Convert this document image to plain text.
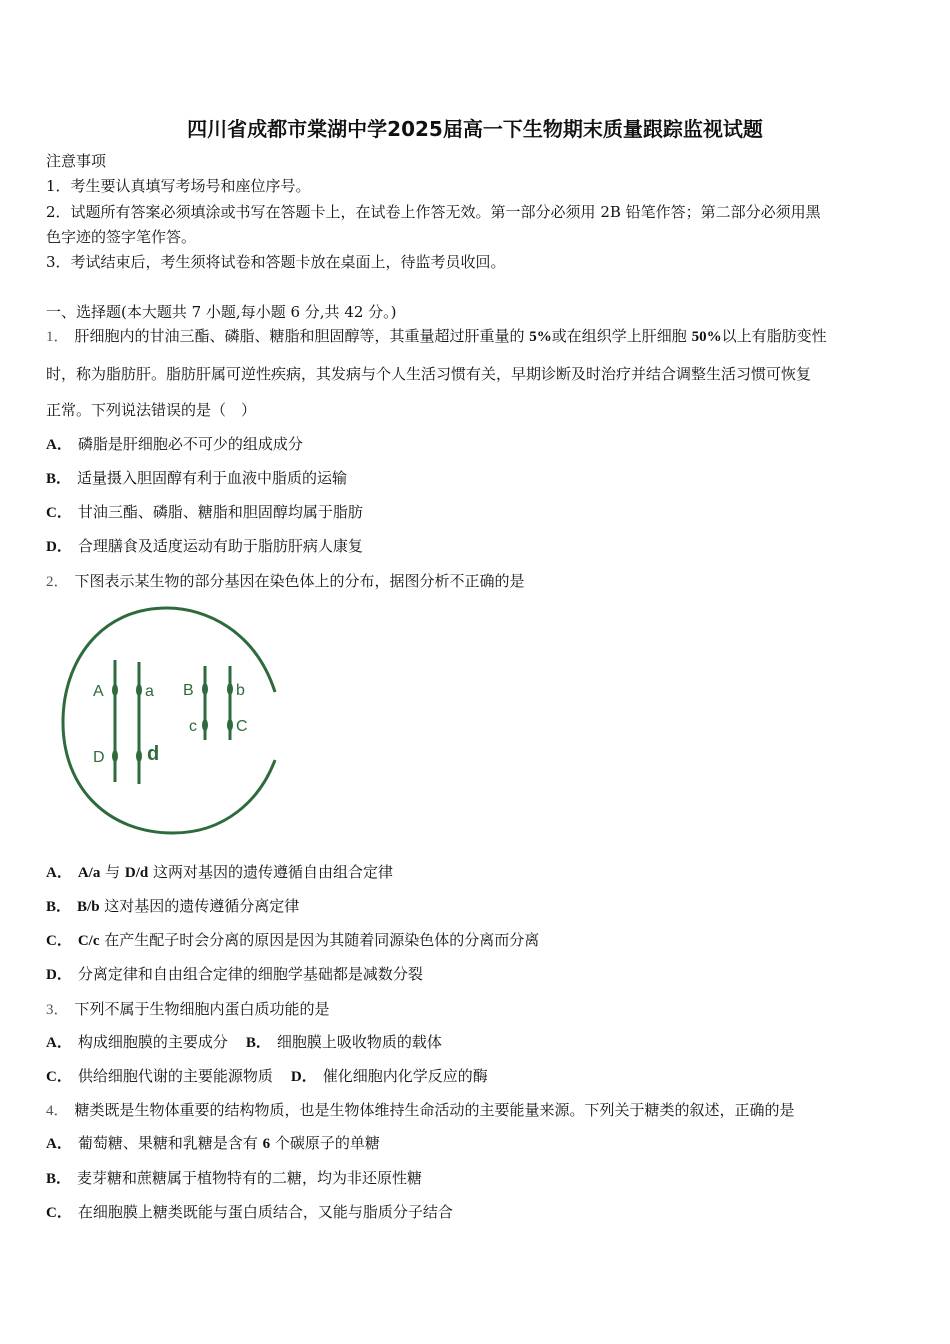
四川省成都市棠湖中学2025届高一下生物期末质量跟踪监视试题
注意事项
1．考生要认真填写考场号和座位序号。
2．试题所有答案必须填涂或书写在答题卡上，在试卷上作答无效。第一部分必须用 2B 铅笔作答；第二部分必须用黑
色字迹的签字笔作答。
3．考试结束后，考生须将试卷和答题卡放在桌面上，待监考员收回。
一、选择题(本大题共 7 小题,每小题 6 分,共 42 分。)
1． 肝细胞内的甘油三酯、磷脂、糖脂和胆固醇等，其重量超过肝重量的 5%或在组织学上肝细胞 50%以上有脂肪变性
时，称为脂肪肝。脂肪肝属可逆性疾病，其发病与个人生活习惯有关，早期诊断及时治疗并结合调整生活习惯可恢复
正常。下列说法错误的是（　）
A． 磷脂是肝细胞必不可少的组成成分
B． 适量摄入胆固醇有利于血液中脂质的运输
C． 甘油三酯、磷脂、糖脂和胆固醇均属于脂肪
D． 合理膳食及适度运动有助于脂肪肝病人康复
2． 下图表示某生物的部分基因在染色体上的分布，据图分析不正确的是
A	a
D d
B	b
c C
A． A/a 与 D/d 这两对基因的遗传遵循自由组合定律
B． B/b 这对基因的遗传遵循分离定律
C． C/c 在产生配子时会分离的原因是因为其随着同源染色体的分离而分离
D． 分离定律和自由组合定律的细胞学基础都是减数分裂
3． 下列不属于生物细胞内蛋白质功能的是
A． 构成细胞膜的主要成分 B． 细胞膜上吸收物质的载体
C． 供给细胞代谢的主要能源物质 D． 催化细胞内化学反应的酶
4． 糖类既是生物体重要的结构物质，也是生物体维持生命活动的主要能量来源。下列关于糖类的叙述，正确的是
A． 葡萄糖、果糖和乳糖是含有 6 个碳原子的单糖
B． 麦芽糖和蔗糖属于植物特有的二糖，均为非还原性糖
C． 在细胞膜上糖类既能与蛋白质结合，又能与脂质分子结合
